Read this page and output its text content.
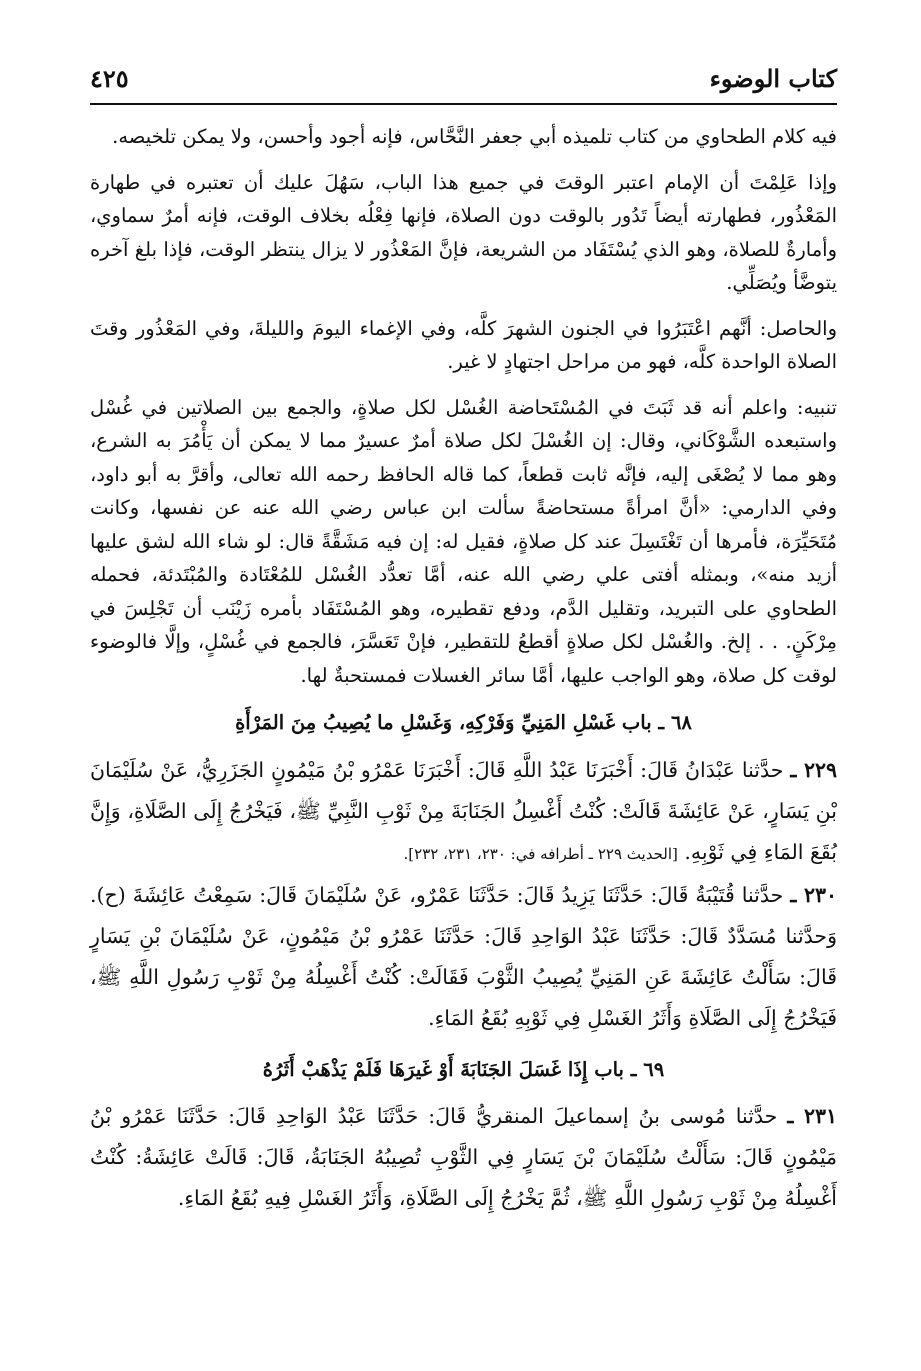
كتاب الوضوء
٤٢٥

فيه كلام الطحاوي من كتاب تلميذه أبي جعفر النَّحَّاس، فإنه أجود وأحسن، ولا يمكن تلخيصه.

وإذا عَلِمْتَ أن الإمام اعتبر الوقتَ في جميع هذا الباب، سَهُلَ عليك أن تعتبره في طهارة المَعْذُور، فطهارته أيضاً تَدُور بالوقت دون الصلاة، فإنها فِعْلُه بخلاف الوقت، فإنه أمرٌ سماوي، وأمارةٌ للصلاة، وهو الذي يُسْتَفَاد من الشريعة، فإنَّ المَعْذُور لا يزال ينتظر الوقت، فإذا بلغ آخره يتوضَّأ ويُصَلِّي.

والحاصل: أنَّهم اعْتَبَرُوا في الجنون الشهرَ كلَّه، وفي الإغماء اليومَ والليلةَ، وفي المَعْذُور وقتَ الصلاة الواحدة كلَّه، فهو من مراحل اجتهادٍ لا غير.

تنبيه: واعلم أنه قد ثَبَتَ في المُسْتَحاضة الغُسْل لكل صلاةٍ، والجمع بين الصلاتين في غُسْل واستبعده الشَّوْكَاني، وقال: إن الغُسْلَ لكل صلاة أمرٌ عسيرٌ مما لا يمكن أن يَأْمُرَ به الشرع، وهو مما لا يُصْغَى إليه، فإنَّه ثابت قطعاً، كما قاله الحافظ رحمه الله تعالى، وأقرَّ به أبو داود، وفي الدارمي: «أنَّ امرأةً مستحاضةً سألت ابن عباس رضي الله عنه عن نفسها، وكانت مُتَحَيِّرَة، فأمرها أن تَغْتَسِلَ عند كل صلاةٍ، فقيل له: إن فيه مَشَقَّةً قال: لو شاء الله لشق عليها أزيد منه»، وبمثله أفتى علي رضي الله عنه، أمَّا تعدُّد الغُسْل للمُعْتَادة والمُبْتَدئة، فحمله الطحاوي على التبريد، وتقليل الدَّم، ودفع تقطيره، وهو المُسْتَفَاد بأمره زَيْنَب أن تَجْلِسَ في مِرْكَنٍ. . . إلخ. والغُسْل لكل صلاةٍ أقطعُ للتقطير، فإنْ تَعَسَّرَ، فالجمع في غُسْلٍ، وإلَّا فالوضوء لوقت كل صلاة، وهو الواجب عليها، أمَّا سائر الغسلات فمستحبةٌ لها.

٦٨ ـ باب غَسْلِ المَنِيِّ وَفَرْكِهِ، وَغَسْلِ ما يُصِيبُ مِنَ المَرْأَةِ

٢٢٩ ـ حدَّثنا عَبْدَانُ قَالَ: أَخْبَرَنَا عَبْدُ اللَّهِ قَالَ: أَخْبَرَنَا عَمْرُو بْنُ مَيْمُونٍ الجَزَرِيُّ، عَنْ سُلَيْمَانَ بْنِ يَسَارٍ، عَنْ عَائِشَةَ قَالَتْ: كُنْتُ أَغْسِلُ الجَنَابَةَ مِنْ ثَوْبِ النَّبِيِّ ﷺ، فَيَخْرُجُ إِلَى الصَّلَاةِ، وَإِنَّ بُقَعَ المَاءِ فِي ثَوْبِهِ. [الحديث ٢٢٩ ـ أطرافه في: ٢٣٠، ٢٣١، ٢٣٢].

٢٣٠ ـ حدَّثنا قُتَيْبَةُ قَالَ: حَدَّثَنَا يَزِيدُ قَالَ: حَدَّثَنَا عَمْرٌو، عَنْ سُلَيْمَانَ قَالَ: سَمِعْتُ عَائِشَةَ (ح). وَحدَّثنا مُسَدَّدٌ قَالَ: حَدَّثَنَا عَبْدُ الوَاحِدِ قَالَ: حَدَّثَنَا عَمْرُو بْنُ مَيْمُونٍ، عَنْ سُلَيْمَانَ بْنِ يَسَارٍ قَالَ: سَأَلْتُ عَائِشَةَ عَنِ المَنِيِّ يُصِيبُ الثَّوْبَ فَقَالَتْ: كُنْتُ أَغْسِلُهُ مِنْ ثَوْبِ رَسُولِ اللَّهِ ﷺ، فَيَخْرُجُ إِلَى الصَّلَاةِ وَأَثَرُ الغَسْلِ فِي ثَوْبِهِ بُقَعُ المَاءِ.

٦٩ ـ باب إِذَا غَسَلَ الجَنَابَةَ أَوْ غَيرَهَا فَلَمْ يَذْهَبْ أَثَرُهُ

٢٣١ ـ حدَّثنا مُوسى بنُ إسماعيلَ المنقريُّ قَالَ: حَدَّثَنَا عَبْدُ الوَاحِدِ قَالَ: حَدَّثَنَا عَمْرُو بْنُ مَيْمُونٍ قَالَ: سَأَلْتُ سُلَيْمَانَ بْنَ يَسَارٍ فِي الثَّوْبِ تُصِيبُهُ الجَنَابَةُ، قَالَ: قَالَتْ عَائِشَةُ: كُنْتُ أَغْسِلُهُ مِنْ ثَوْبِ رَسُولِ اللَّهِ ﷺ، ثُمَّ يَخْرُجُ إِلَى الصَّلَاةِ، وَأَثَرُ الغَسْلِ فِيهِ بُقَعُ المَاءِ.
